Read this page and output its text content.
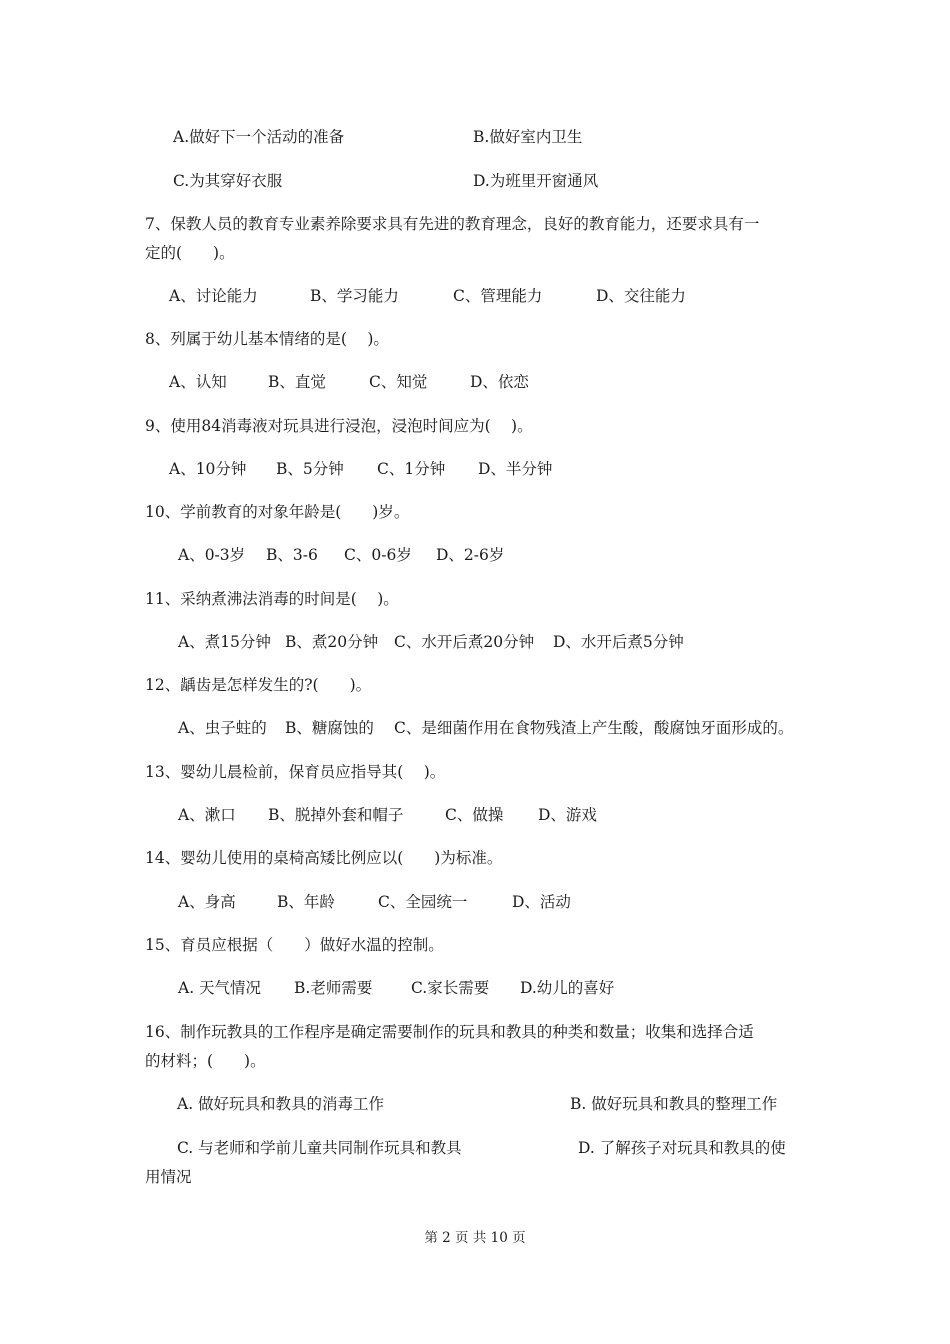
A.做好下一个活动的准备	B.做好室内卫生
C.为其穿好衣服	D.为班里开窗通风
7、保教人员的教育专业素养除要求具有先进的教育理念，良好的教育能力，还要求具有一
定的(　　)。
A、讨论能力	B、学习能力	C、管理能力	D、交往能力
8、列属于幼儿基本情绪的是(　 )。
A、认知	B、直觉	C、知觉	D、依恋
9、使用84消毒液对玩具进行浸泡，浸泡时间应为(　 )。
A、10分钟 B、5分钟 C、1分钟 D、半分钟
10、学前教育的对象年龄是(　　)岁。
A、0-3岁 B、3-6 C、0-6岁 D、2-6岁
11、采纳煮沸法消毒的时间是(　 )。
A、煮15分钟 B、煮20分钟 C、水开后煮20分钟 D、水开后煮5分钟
12、龋齿是怎样发生的?(　　)。
A、虫子蛀的 B、糖腐蚀的 C、是细菌作用在食物残渣上产生酸，酸腐蚀牙面形成的。
13、婴幼儿晨检前，保育员应指导其(　 )。
A、漱口 B、脱掉外套和帽子	C、做操 D、游戏
14、婴幼儿使用的桌椅高矮比例应以(　　)为标准。
A、身高	B、年龄	C、全园统一	D、活动
15、育员应根据（　　）做好水温的控制。
A. 天气情况 B.老师需要 C.家长需要 D.幼儿的喜好
16、制作玩教具的工作程序是确定需要制作的玩具和教具的种类和数量；收集和选择合适
的材料；(　　)。
A. 做好玩具和教具的消毒工作	B. 做好玩具和教具的整理工作
C. 与老师和学前儿童共同制作玩具和教具	D. 了解孩子对玩具和教具的使
用情况
第 2 页 共 10 页
